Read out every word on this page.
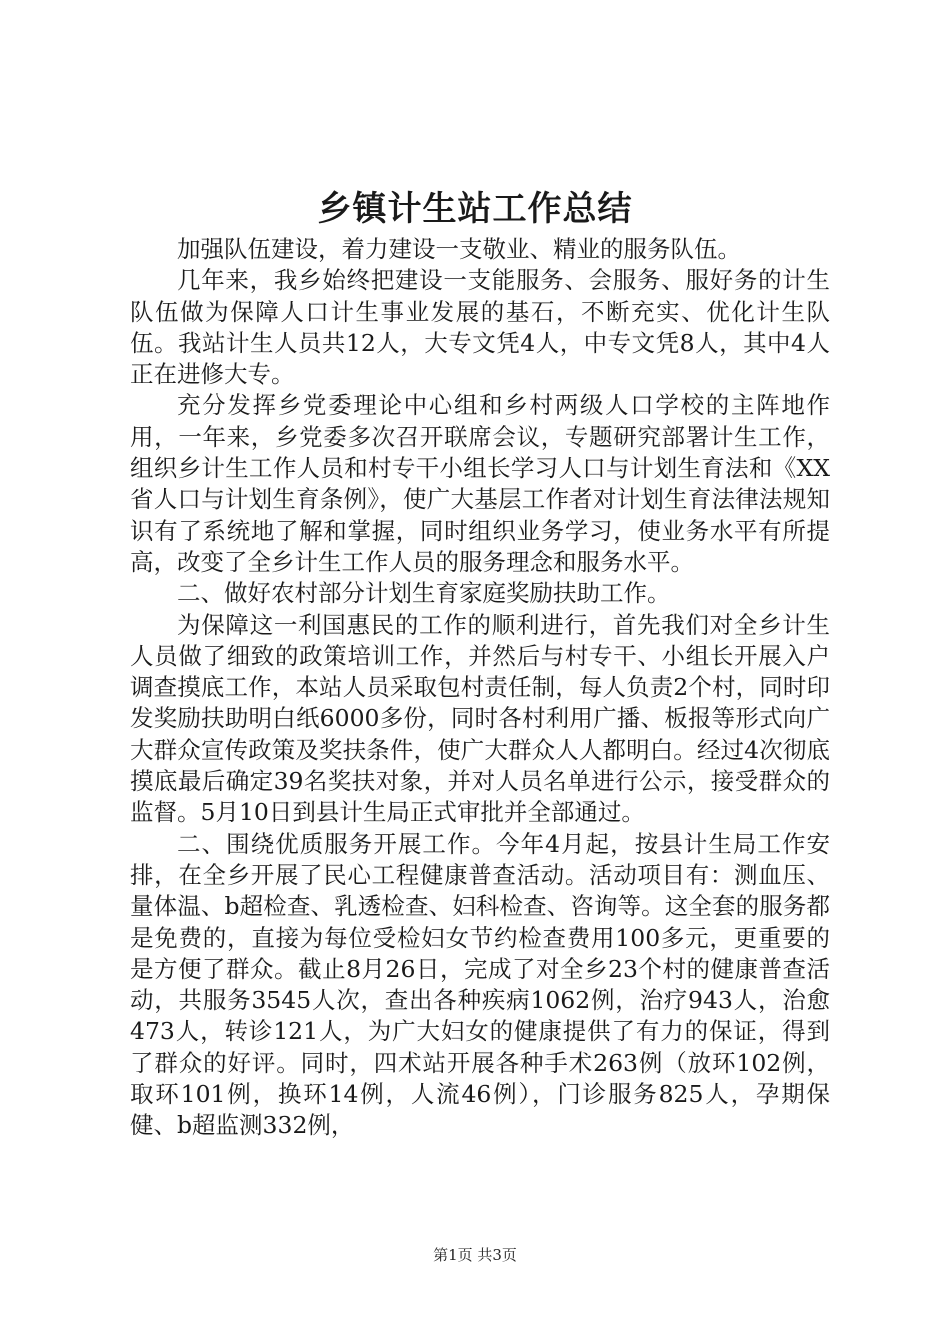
乡镇计生站工作总结

加强队伍建设，着力建设一支敬业、精业的服务队伍。

几年来，我乡始终把建设一支能服务、会服务、服好务的计生队伍做为保障人口计生事业发展的基石，不断充实、优化计生队伍。我站计生人员共12人，大专文凭4人，中专文凭8人，其中4人正在进修大专。

充分发挥乡党委理论中心组和乡村两级人口学校的主阵地作用，一年来，乡党委多次召开联席会议，专题研究部署计生工作，组织乡计生工作人员和村专干小组长学习人口与计划生育法和《XX省人口与计划生育条例》，使广大基层工作者对计划生育法律法规知识有了系统地了解和掌握，同时组织业务学习，使业务水平有所提高，改变了全乡计生工作人员的服务理念和服务水平。

二、做好农村部分计划生育家庭奖励扶助工作。

为保障这一利国惠民的工作的顺利进行，首先我们对全乡计生人员做了细致的政策培训工作，并然后与村专干、小组长开展入户调查摸底工作，本站人员采取包村责任制，每人负责2个村，同时印发奖励扶助明白纸6000多份，同时各村利用广播、板报等形式向广大群众宣传政策及奖扶条件，使广大群众人人都明白。经过4次彻底摸底最后确定39名奖扶对象，并对人员名单进行公示，接受群众的监督。5月10日到县计生局正式审批并全部通过。

二、围绕优质服务开展工作。今年4月起，按县计生局工作安排，在全乡开展了民心工程健康普查活动。活动项目有：测血压、量体温、b超检查、乳透检查、妇科检查、咨询等。这全套的服务都是免费的，直接为每位受检妇女节约检查费用100多元，更重要的是方便了群众。截止8月26日，完成了对全乡23个村的健康普查活动，共服务3545人次，查出各种疾病1062例，治疗943人，治愈473人，转诊121人，为广大妇女的健康提供了有力的保证，得到了群众的好评。同时，四术站开展各种手术263例（放环102例，取环101例，换环14例，人流46例），门诊服务825人，孕期保健、b超监测332例，

第1页 共3页
